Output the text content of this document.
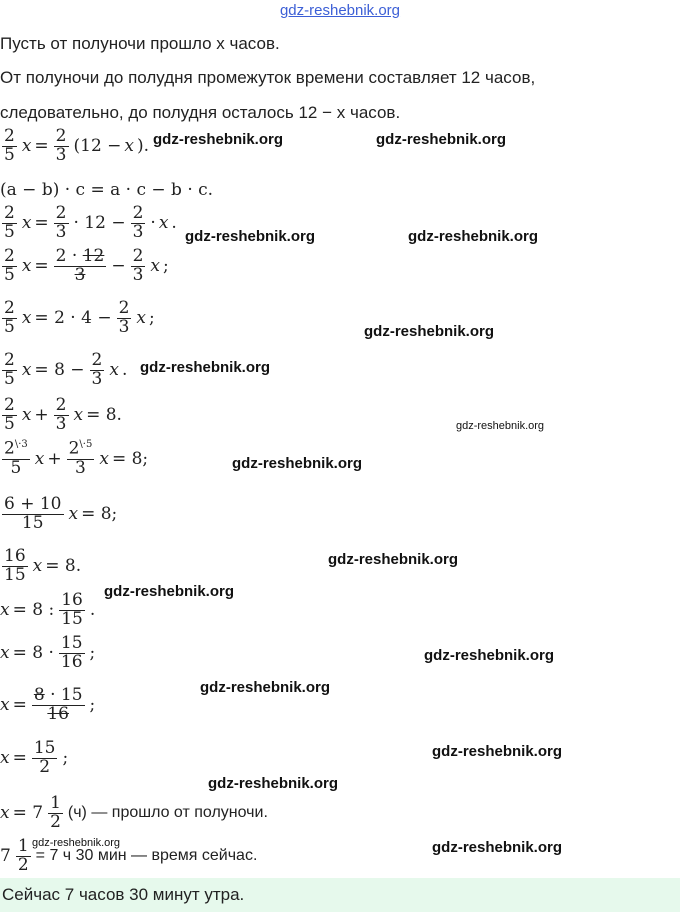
gdz-reshebnik.org
Пусть от полуночи прошло x часов.
От полуночи до полудня промежуток времени составляет 12 часов,
следовательно, до полудня осталось 12 − x часов.
$\frac{2}{5}$ $x = \frac{2}{3} (12 - x$ ).
(a − b) · c = a · c − b · c.
$\frac{2}{5}$ $x = \frac{2}{3} \cdot 12 - \frac{2}{3} \cdot x$ .
$\frac{2}{5}$ $x = \frac{2 \cdot 12}{3} - \frac{2}{3}$ x ;
$\frac{2}{5}$ $x = 2 \cdot 4 - \frac{2}{3}$ x ;
$\frac{2}{5}$ $x = 8 - \frac{2}{3}$ x .
$\frac{2}{5}$ $x + \frac{2}{3}$ x = 8.
$\frac{2^{\backslash\cdot 3}}{5}$ $x + \frac{2^{\backslash\cdot 5}}{3}$ x = 8;
$\frac{6 + 10}{15}$ x = 8;
$\frac{16}{15}$ x = 8.
x = 8 : $\frac{16}{15}$ .
$x = 8 \cdot \frac{15}{16}$ ;
$x = \frac{8 \cdot 15}{16}$ ;
$x = \frac{15}{2}$ ;
$x = 7 \frac{1}{2} (ч)$ — прошло от полуночи.
$7 \frac{1}{2} = 7$ ч 30 мин — время сейчас.
Сейчас 7 часов 30 минут утра.
gdz-reshebnik.org	gdz-reshebnik.org
gdz-reshebnik.org	gdz-reshebnik.org
gdz-reshebnik.org
gdz-reshebnik.org
gdz-reshebnik.org
gdz-reshebnik.org
gdz-reshebnik.org
gdz-reshebnik.org
gdz-reshebnik.org
gdz-reshebnik.org
gdz-reshebnik.org
gdz-reshebnik.org
gdz-reshebnik.org	gdz-reshebnik.org
